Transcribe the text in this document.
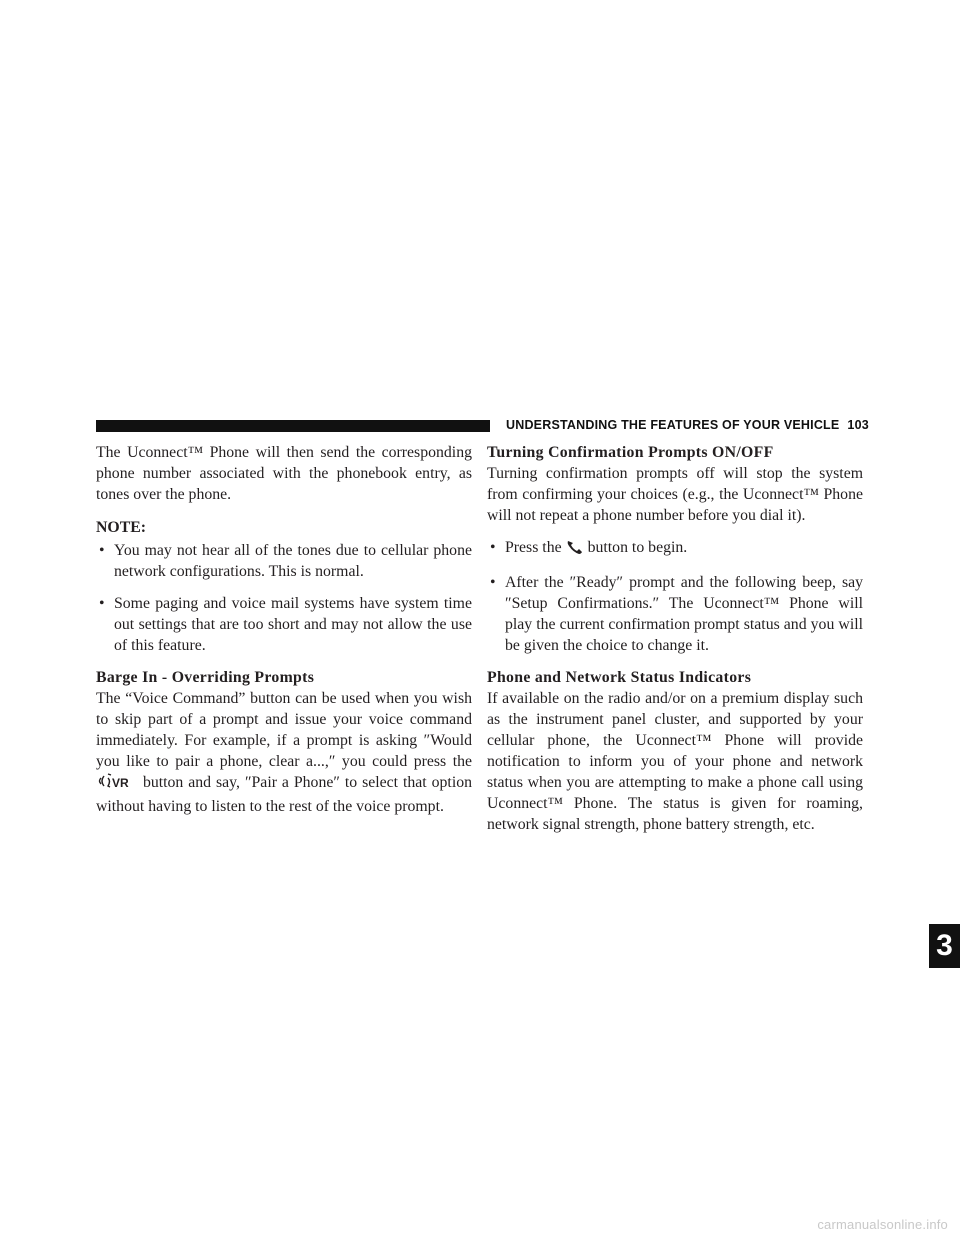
UNDERSTANDING THE FEATURES OF YOUR VEHICLE 103

The Uconnect™ Phone will then send the corresponding phone number associated with the phonebook entry, as tones over the phone.

NOTE:
• You may not hear all of the tones due to cellular phone network configurations. This is normal.
• Some paging and voice mail systems have system time out settings that are too short and may not allow the use of this feature.
Barge In - Overriding Prompts

The “Voice Command” button can be used when you wish to skip part of a prompt and issue your voice command immediately. For example, if a prompt is asking ″Would you like to pair a phone, clear a...,″ you could press the
VR button and say, ″Pair a Phone″ to select that option without having to listen to the rest of the voice prompt.

Turning Confirmation Prompts ON/OFF

Turning confirmation prompts off will stop the system from confirming your choices (e.g., the Uconnect™ Phone will not repeat a phone number before you dial it).

• Press the button to begin.
• After the ″Ready″ prompt and the following beep, say ″Setup Confirmations.″ The Uconnect™ Phone will play the current confirmation prompt status and you will be given the choice to change it.
Phone and Network Status Indicators

If available on the radio and/or on a premium display such as the instrument panel cluster, and supported by your cellular phone, the Uconnect™ Phone will provide notification to inform you of your phone and network status when you are attempting to make a phone call using Uconnect™ Phone. The status is given for roaming, network signal strength, phone battery strength, etc.

3
carmanualsonline.info
